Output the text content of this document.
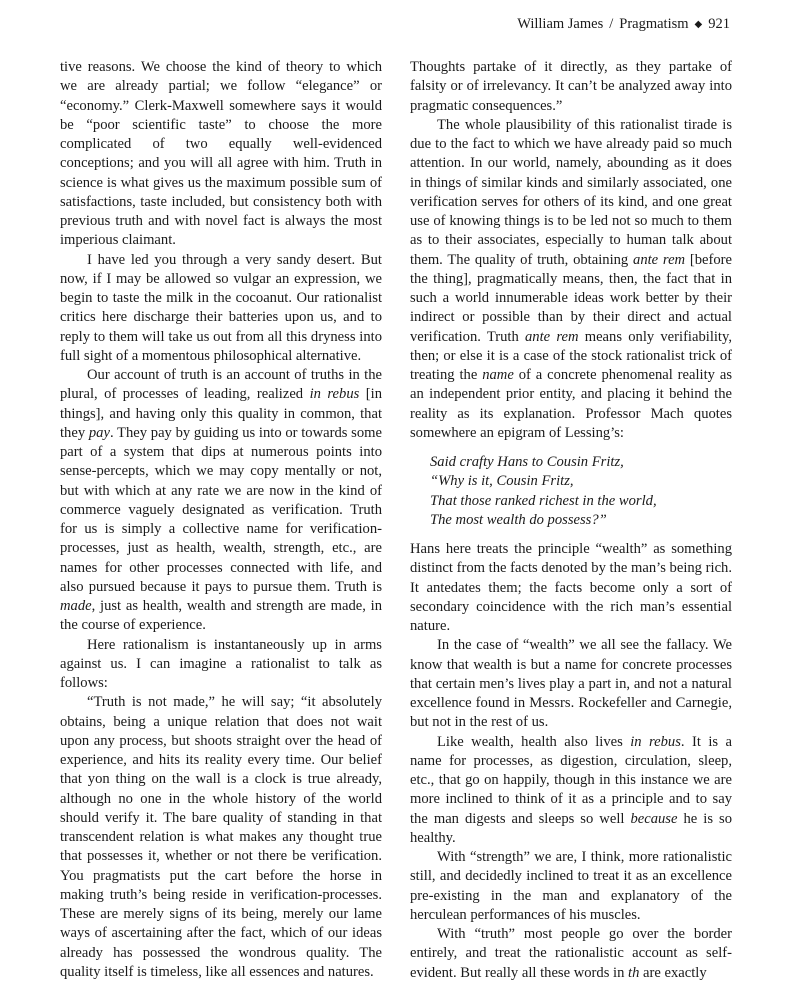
William James / Pragmatism ◆ 921

tive reasons. We choose the kind of theory to which we are already partial; we follow “elegance” or “economy.” Clerk-Maxwell somewhere says it would be “poor scientific taste” to choose the more complicated of two equally well-evidenced conceptions; and you will all agree with him. Truth in science is what gives us the maximum possible sum of satisfactions, taste included, but consistency both with previous truth and with novel fact is always the most imperious claimant.

I have led you through a very sandy desert. But now, if I may be allowed so vulgar an expression, we begin to taste the milk in the cocoanut. Our rationalist critics here discharge their batteries upon us, and to reply to them will take us out from all this dryness into full sight of a momentous philosophical alternative.

Our account of truth is an account of truths in the plural, of processes of leading, realized in rebus [in things], and having only this quality in common, that they pay. They pay by guiding us into or towards some part of a system that dips at numerous points into sense-percepts, which we may copy mentally or not, but with which at any rate we are now in the kind of commerce vaguely designated as verification. Truth for us is simply a collective name for verification-processes, just as health, wealth, strength, etc., are names for other processes connected with life, and also pursued because it pays to pursue them. Truth is made, just as health, wealth and strength are made, in the course of experience.

Here rationalism is instantaneously up in arms against us. I can imagine a rationalist to talk as follows:

“Truth is not made,” he will say; “it absolutely obtains, being a unique relation that does not wait upon any process, but shoots straight over the head of experience, and hits its reality every time. Our belief that yon thing on the wall is a clock is true already, although no one in the whole history of the world should verify it. The bare quality of standing in that transcendent relation is what makes any thought true that possesses it, whether or not there be verification. You pragmatists put the cart before the horse in making truth’s being reside in verification-processes. These are merely signs of its being, merely our lame ways of ascertaining after the fact, which of our ideas already has possessed the wondrous quality. The quality itself is timeless, like all essences and natures.

Thoughts partake of it directly, as they partake of falsity or of irrelevancy. It can’t be analyzed away into pragmatic consequences.”

The whole plausibility of this rationalist tirade is due to the fact to which we have already paid so much attention. In our world, namely, abounding as it does in things of similar kinds and similarly associated, one verification serves for others of its kind, and one great use of knowing things is to be led not so much to them as to their associates, especially to human talk about them. The quality of truth, obtaining ante rem [before the thing], pragmatically means, then, the fact that in such a world innumerable ideas work better by their indirect or possible than by their direct and actual verification. Truth ante rem means only verifiability, then; or else it is a case of the stock rationalist trick of treating the name of a concrete phenomenal reality as an independent prior entity, and placing it behind the reality as its explanation. Professor Mach quotes somewhere an epigram of Lessing’s:

Said crafty Hans to Cousin Fritz,
“Why is it, Cousin Fritz,
That those ranked richest in the world,
The most wealth do possess?”

Hans here treats the principle “wealth” as something distinct from the facts denoted by the man’s being rich. It antedates them; the facts become only a sort of secondary coincidence with the rich man’s essential nature.

In the case of “wealth” we all see the fallacy. We know that wealth is but a name for concrete processes that certain men’s lives play a part in, and not a natural excellence found in Messrs. Rockefeller and Carnegie, but not in the rest of us.

Like wealth, health also lives in rebus. It is a name for processes, as digestion, circulation, sleep, etc., that go on happily, though in this instance we are more inclined to think of it as a principle and to say the man digests and sleeps so well because he is so healthy.

With “strength” we are, I think, more rationalistic still, and decidedly inclined to treat it as an excellence pre-existing in the man and explanatory of the herculean performances of his muscles.

With “truth” most people go over the border entirely, and treat the rationalistic account as self-evident. But really all these words in th are exactly
